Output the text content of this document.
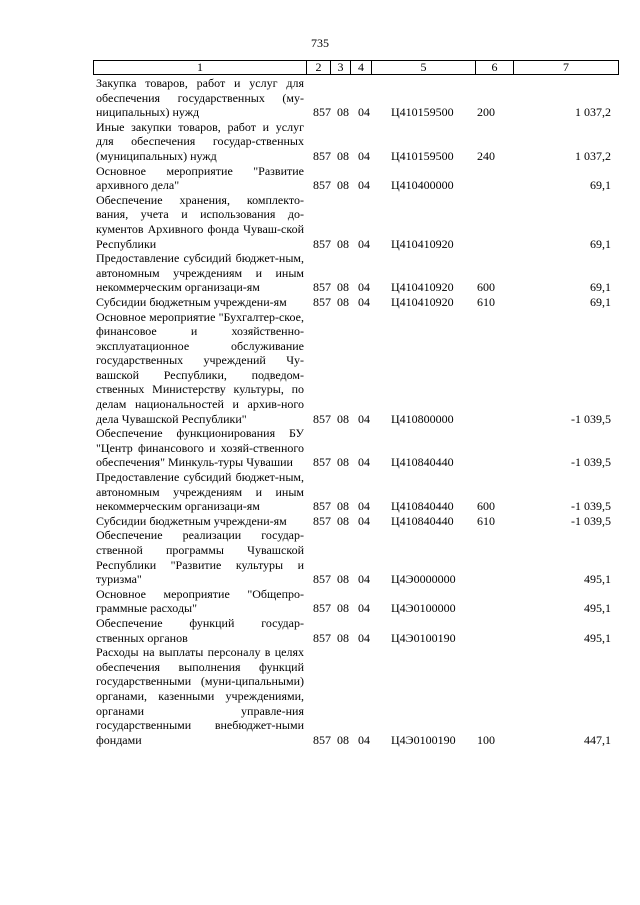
735
1	2	3	4	5	6	7
Закупка товаров, работ и услуг для обеспечения государственных (му-ниципальных) нужд	857 08 04 Ц410159500 200	1 037,2
Иные закупки товаров, работ и услуг для обеспечения государ-ственных (муниципальных) нужд	857 08 04 Ц410159500 240	1 037,2
Основное мероприятие "Развитие архивного дела"	857 08 04 Ц410400000	69,1
Обеспечение хранения, комплекто-вания, учета и использования до-кументов Архивного фонда Чуваш-ской Республики	857 08 04 Ц410410920	69,1
Предоставление субсидий бюджет-ным, автономным учреждениям и иным некоммерческим организаци-ям	857 08 04 Ц410410920 600	69,1
Субсидии бюджетным учреждени-ям	857 08 04 Ц410410920 610	69,1
Основное мероприятие "Бухгалтер-ское, финансовое и хозяйственно-эксплуатационное обслуживание государственных учреждений Чу-вашской Республики, подведом-ственных Министерству культуры, по делам национальностей и архив-ного дела Чувашской Республики"	857 08 04 Ц410800000	-1 039,5
Обеспечение функционирования БУ "Центр финансового и хозяй-ственного обеспечения" Минкуль-туры Чувашии	857 08 04 Ц410840440	-1 039,5
Предоставление субсидий бюджет-ным, автономным учреждениям и иным некоммерческим организаци-ям	857 08 04 Ц410840440 600	-1 039,5
Субсидии бюджетным учреждени-ям	857 08 04 Ц410840440 610	-1 039,5
Обеспечение реализации государ-ственной программы Чувашской Республики "Развитие культуры и туризма"	857 08 04 Ц4Э0000000	495,1
Основное мероприятие "Общепро-граммные расходы"	857 08 04 Ц4Э0100000	495,1
Обеспечение функций государ-ственных органов	857 08 04 Ц4Э0100190	495,1
Расходы на выплаты персоналу в целях обеспечения выполнения функций государственными (муни-ципальными) органами, казенными учреждениями, органами управле-ния государственными внебюджет-ными фондами	857 08 04 Ц4Э0100190 100	447,1
